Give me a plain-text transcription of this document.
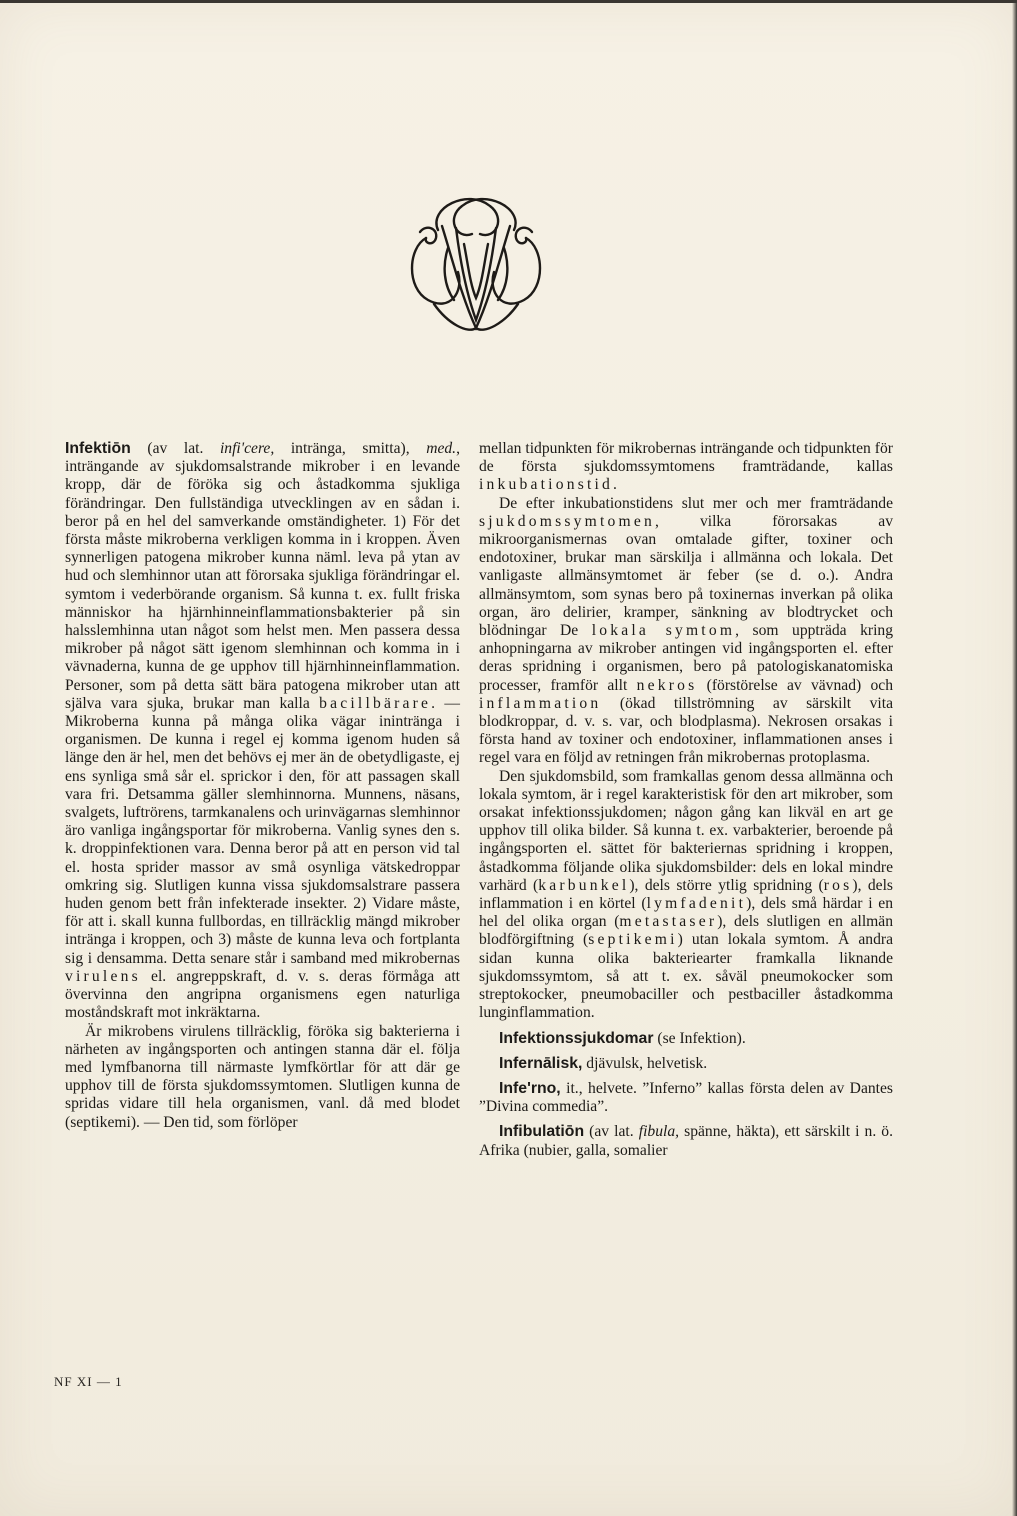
Infektiōn (av lat. infi'cere, intränga, smitta), med., inträngande av sjukdomsalstrande mikrober i en levande kropp, där de föröka sig och åstadkomma sjukliga förändringar. Den fullständiga utvecklingen av en sådan i. beror på en hel del samverkande omständigheter. 1) För det första måste mikroberna verkligen komma in i kroppen. Även synnerligen patogena mikrober kunna näml. leva på ytan av hud och slemhinnor utan att förorsaka sjukliga förändringar el. symtom i vederbörande organism. Så kunna t. ex. fullt friska människor ha hjärnhinneinflammationsbakterier på sin halsslemhinna utan något som helst men. Men passera dessa mikrober på något sätt igenom slemhinnan och komma in i vävnaderna, kunna de ge upphov till hjärnhinneinflammation. Personer, som på detta sätt bära patogena mikrober utan att själva vara sjuka, brukar man kalla bacillbärare. — Mikroberna kunna på många olika vägar ininträngа i organismen. De kunna i regel ej komma igenom huden så länge den är hel, men det behövs ej mer än de obetydligaste, ej ens synliga små sår el. sprickor i den, för att passagen skall vara fri. Detsamma gäller slemhinnorna. Munnens, näsans, svalgets, luftrörens, tarmkanalens och urinvägarnas slemhinnor äro vanliga ingångsportar för mikroberna. Vanlig synes den s. k. droppinfektionen vara. Denna beror på att en person vid tal el. hosta sprider massor av små osynliga vätskedroppar omkring sig. Slutligen kunna vissa sjukdomsalstrare passera huden genom bett från infekterade insekter. 2) Vidare måste, för att i. skall kunna fullbordas, en tillräcklig mängd mikrober inträngа i kroppen, och 3) måste de kunna leva och fortplanta sig i densamma. Detta senare står i samband med mikrobernas virulens el. angreppskraft, d. v. s. deras förmåga att övervinna den angripna organismens egen naturliga moståndskraft mot inkräktarna.

Är mikrobens virulens tillräcklig, föröka sig bakterierna i närheten av ingångsporten och antingen stanna där el. följa med lymfbanorna till närmaste lymfkörtlar för att där ge upphov till de första sjukdomssymtomen. Slutligen kunna de spridas vidare till hela organismen, vanl. då med blodet (septikemi). — Den tid, som förlöper

mellan tidpunkten för mikrobernas inträngande och tidpunkten för de första sjukdomssymtomens framträdande, kallas inkubationstid.

De efter inkubationstidens slut mer och mer framträdande sjukdomssymtomen, vilka förorsakas av mikroorganismernas ovan omtalade gifter, toxiner och endotoxiner, brukar man särskilja i allmänna och lokala. Det vanligaste allmänsymtomet är feber (se d. o.). Andra allmänsymtom, som synas bero på toxinernas inverkan på olika organ, äro delirier, kramper, sänkning av blodtrycket och blödningar De lokala symtom, som uppträda kring anhopningarna av mikrober antingen vid ingångsporten el. efter deras spridning i organismen, bero på patologiskanatomiska processer, framför allt nekros (förstörelse av vävnad) och inflammation (ökad tillströmning av särskilt vita blodkroppar, d. v. s. var, och blodplasma). Nekrosen orsakas i första hand av toxiner och endotoxiner, inflammationen anses i regel vara en följd av retningen från mikrobernas protoplasma.

Den sjukdomsbild, som framkallas genom dessa allmänna och lokala symtom, är i regel karakteristisk för den art mikrober, som orsakat infektionssjukdomen; någon gång kan likväl en art ge upphov till olika bilder. Så kunna t. ex. varbakterier, beroende på ingångsporten el. sättet för bakteriernas spridning i kroppen, åstadkomma följande olika sjukdomsbilder: dels en lokal mindre varhärd (karbunkel), dels större ytlig spridning (ros), dels inflammation i en körtel (lymfadenit), dels små härdar i en hel del olika organ (metastaser), dels slutligen en allmän blodförgiftning (septikemi) utan lokala symtom. Å andra sidan kunna olika bakteriearter framkalla liknande sjukdomssymtom, så att t. ex. såväl pneumokocker som streptokocker, pneumobaciller och pestbaciller åstadkomma lunginflammation.

Infektionssjukdomar (se Infektion).

Infernālisk, djävulsk, helvetisk.

Infe'rno, it., helvete. ”Inferno” kallas första delen av Dantes ”Divina commedia”.

Infibulatiōn (av lat. fibula, spänne, häkta), ett särskilt i n. ö. Afrika (nubier, galla, somalier

NF XI — 1
